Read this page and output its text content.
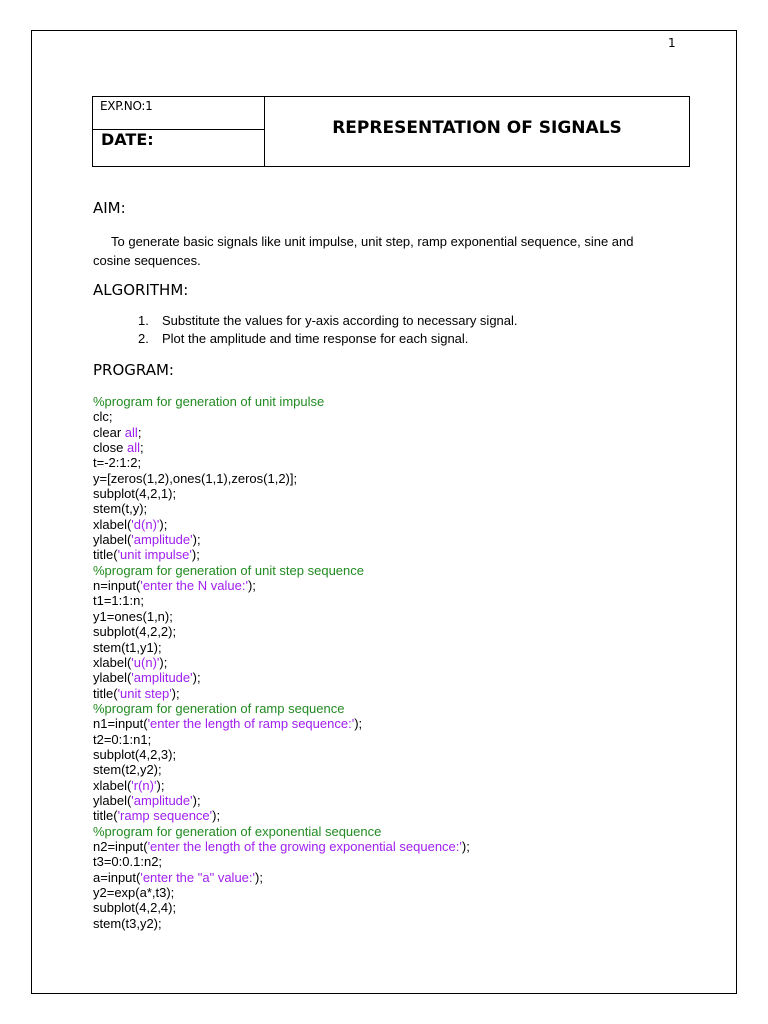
1
EXP.NO:1
DATE:
REPRESENTATION OF SIGNALS
AIM:
To generate basic signals like unit impulse, unit step, ramp exponential sequence, sine and cosine sequences.
ALGORITHM:
1. Substitute the values for y-axis according to necessary signal.
2. Plot the amplitude and time response for each signal.
PROGRAM:
%program for generation of unit impulse
clc;
clear all;
close all;
t=-2:1:2;
y=[zeros(1,2),ones(1,1),zeros(1,2)];
subplot(4,2,1);
stem(t,y);
xlabel('d(n)');
ylabel('amplitude');
title('unit impulse');
%program for generation of unit step sequence
n=input('enter the N value:');
t1=1:1:n;
y1=ones(1,n);
subplot(4,2,2);
stem(t1,y1);
xlabel('u(n)');
ylabel('amplitude');
title('unit step');
%program for generation of ramp sequence
n1=input('enter the length of ramp sequence:');
t2=0:1:n1;
subplot(4,2,3);
stem(t2,y2);
xlabel('r(n)');
ylabel('amplitude');
title('ramp sequence');
%program for generation of exponential sequence
n2=input('enter the length of the growing exponential sequence:');
t3=0:0.1:n2;
a=input('enter the "a" value:');
y2=exp(a*,t3);
subplot(4,2,4);
stem(t3,y2);
